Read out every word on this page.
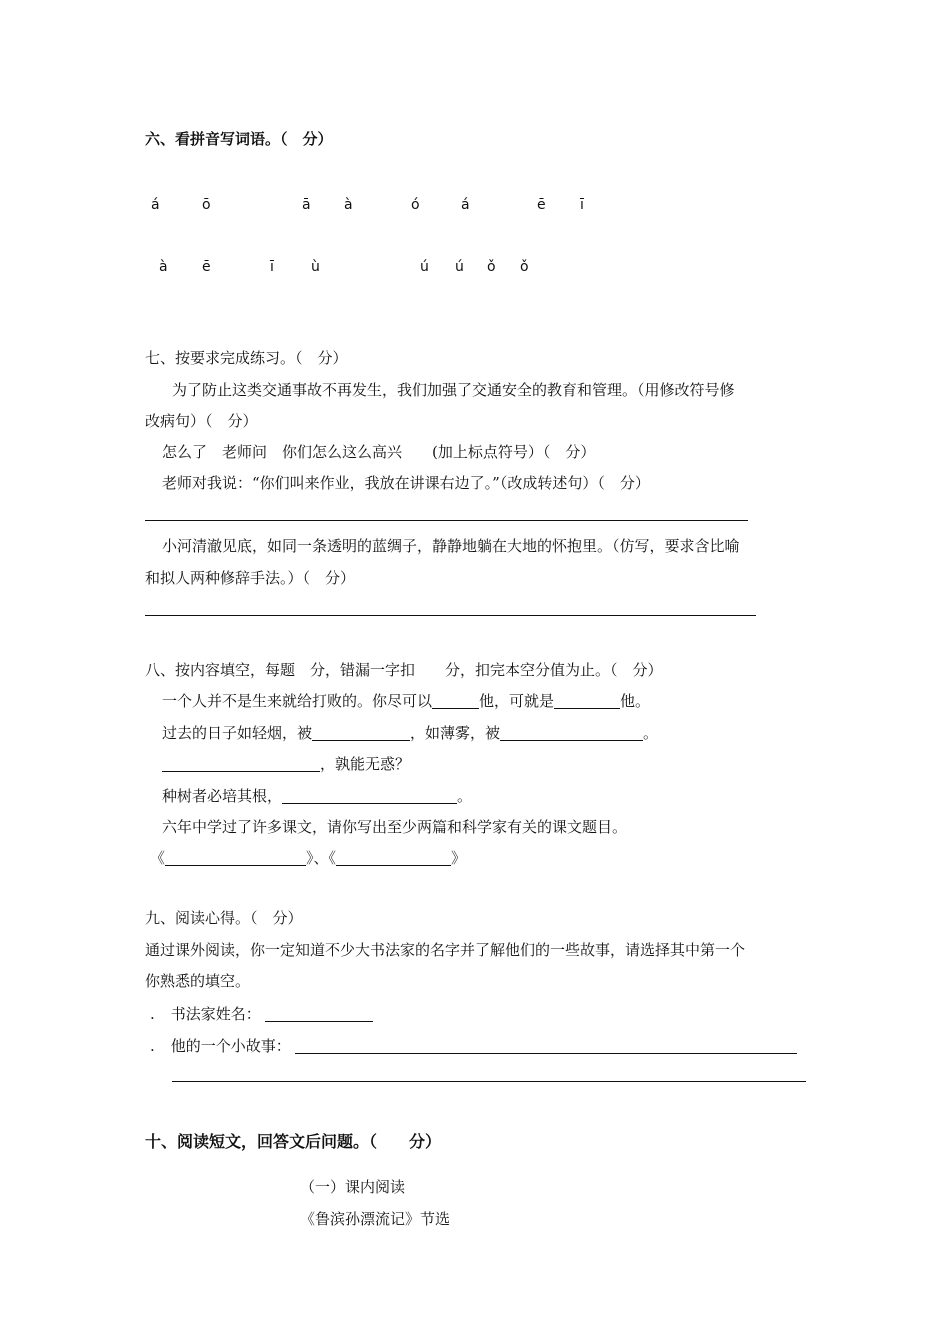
六、看拼音写词语。（　分）
á	ō	ā à	ó	á	ē ī
à ē	ī	ù	ú ú ǒ ǒ
七、按要求完成练习。（　分）
为了防止这类交通事故不再发生，我们加强了交通安全的教育和管理。（用修改符号修
改病句）（　分）
怎么了　老师问　你们怎么这么高兴　　(加上标点符号）（　分）
老师对我说：“你们叫来作业，我放在讲课右边了。”（改成转述句）（　分）
小河清澈见底，如同一条透明的蓝绸子，静静地躺在大地的怀抱里。（仿写，要求含比喻
和拟人两种修辞手法。）（　分）
八、按内容填空，每题　分，错漏一字扣　　分，扣完本空分值为止。（　分）
一个人并不是生来就给打败的。你尽可以	他，可就是	他。
过去的日子如轻烟，被	，如薄雾，被	。
，孰能无惑？
种树者必培其根，	。
六年中学过了许多课文，请你写出至少两篇和科学家有关的课文题目。
《	》、《	》
九、阅读心得。（　分）
通过课外阅读，你一定知道不少大书法家的名字并了解他们的一些故事，请选择其中第一个
你熟悉的填空。
. 书法家姓名：
. 他的一个小故事：
十、阅读短文，回答文后问题。（　　分）
（一）课内阅读
《鲁滨孙漂流记》节选
